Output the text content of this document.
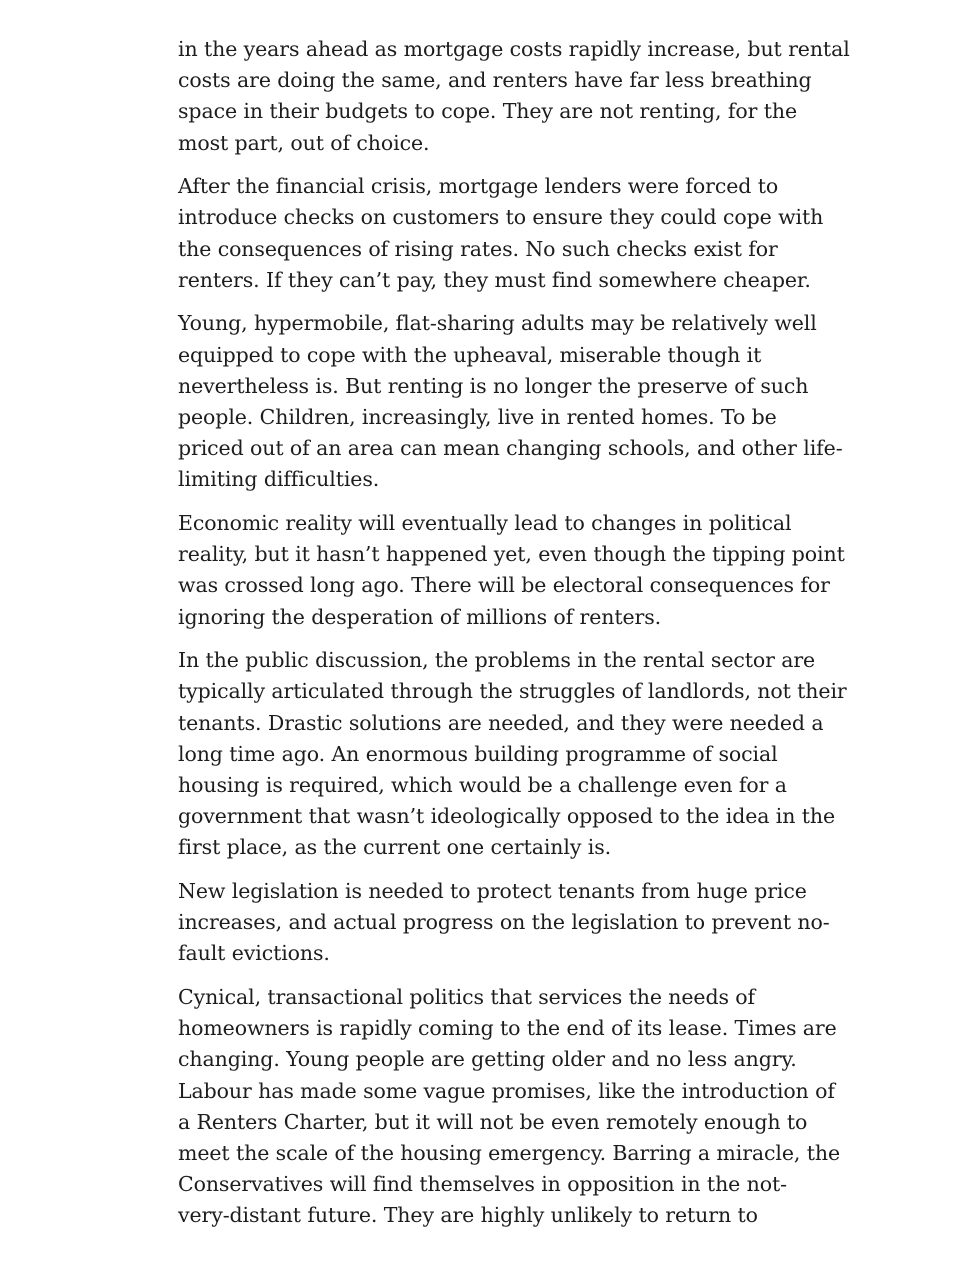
in the years ahead as mortgage costs rapidly increase, but rental
costs are doing the same, and renters have far less breathing
space in their budgets to cope. They are not renting, for the
most part, out of choice.

After the financial crisis, mortgage lenders were forced to
introduce checks on customers to ensure they could cope with
the consequences of rising rates. No such checks exist for
renters. If they can’t pay, they must find somewhere cheaper.

Young, hypermobile, flat-sharing adults may be relatively well
equipped to cope with the upheaval, miserable though it
nevertheless is. But renting is no longer the preserve of such
people. Children, increasingly, live in rented homes. To be
priced out of an area can mean changing schools, and other life-
limiting difficulties.

Economic reality will eventually lead to changes in political
reality, but it hasn’t happened yet, even though the tipping point
was crossed long ago. There will be electoral consequences for
ignoring the desperation of millions of renters.

In the public discussion, the problems in the rental sector are
typically articulated through the struggles of landlords, not their
tenants. Drastic solutions are needed, and they were needed a
long time ago. An enormous building programme of social
housing is required, which would be a challenge even for a
government that wasn’t ideologically opposed to the idea in the
first place, as the current one certainly is.

New legislation is needed to protect tenants from huge price
increases, and actual progress on the legislation to prevent no-
fault evictions.

Cynical, transactional politics that services the needs of
homeowners is rapidly coming to the end of its lease. Times are
changing. Young people are getting older and no less angry.
Labour has made some vague promises, like the introduction of
a Renters Charter, but it will not be even remotely enough to
meet the scale of the housing emergency. Barring a miracle, the
Conservatives will find themselves in opposition in the not-
very-distant future. They are highly unlikely to return to
